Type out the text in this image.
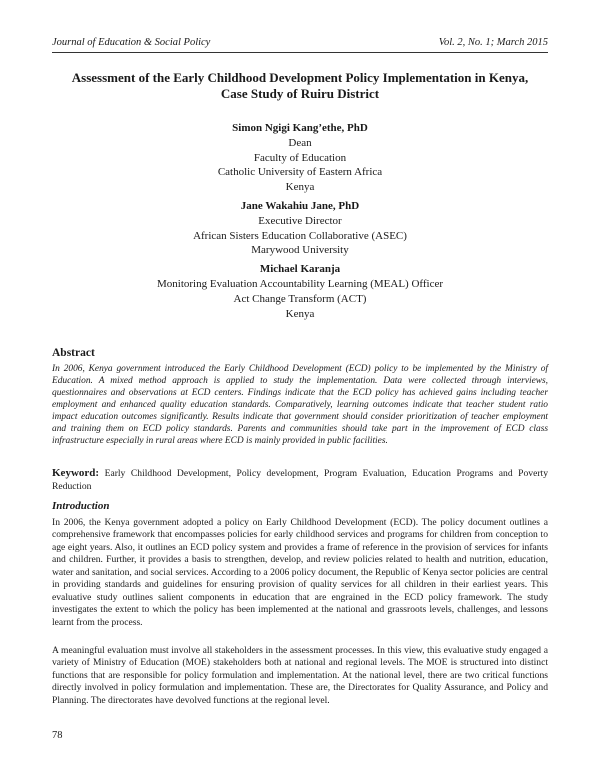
Journal of Education & Social Policy	Vol. 2, No. 1; March 2015
Assessment of the Early Childhood Development Policy Implementation in Kenya,
Case Study of Ruiru District
Simon Ngigi Kang’ethe, PhD
Dean
Faculty of Education
Catholic University of Eastern Africa
Kenya
Jane Wakahiu Jane, PhD
Executive Director
African Sisters Education Collaborative (ASEC)
Marywood University
Michael Karanja
Monitoring Evaluation Accountability Learning (MEAL) Officer
Act Change Transform (ACT)
Kenya
Abstract
In 2006, Kenya government introduced the Early Childhood Development (ECD) policy to be implemented by the Ministry of Education. A mixed method approach is applied to study the implementation. Data were collected through interviews, questionnaires and observations at ECD centers. Findings indicate that the ECD policy has achieved gains including teacher employment and enhanced quality education standards. Comparatively, learning outcomes indicate that teacher student ratio impact education outcomes significantly. Results indicate that government should consider prioritization of teacher employment and training them on ECD policy standards. Parents and communities should take part in the improvement of ECD class infrastructure especially in rural areas where ECD is mainly provided in public facilities.
Keyword: Early Childhood Development, Policy development, Program Evaluation, Education Programs and Poverty Reduction
Introduction
In 2006, the Kenya government adopted a policy on Early Childhood Development (ECD). The policy document outlines a comprehensive framework that encompasses policies for early childhood services and programs for children from conception to age eight years. Also, it outlines an ECD policy system and provides a frame of reference in the provision of services for infants and children. Further, it provides a basis to strengthen, develop, and review policies related to health and nutrition, education, water and sanitation, and social services. According to a 2006 policy document, the Republic of Kenya sector policies are central in providing standards and guidelines for ensuring provision of quality services for all children in their earliest years. This evaluative study outlines salient components in education that are engrained in the ECD policy framework. The study investigates the extent to which the policy has been implemented at the national and grassroots levels, challenges, and lessons learnt from the process.
A meaningful evaluation must involve all stakeholders in the assessment processes. In this view, this evaluative study engaged a variety of Ministry of Education (MOE) stakeholders both at national and regional levels. The MOE is structured into distinct functions that are responsible for policy formulation and implementation. At the national level, there are two critical functions directly involved in policy formulation and implementation. These are, the Directorates for Quality Assurance, and Policy and Planning. The directorates have devolved functions at the regional level.
78
